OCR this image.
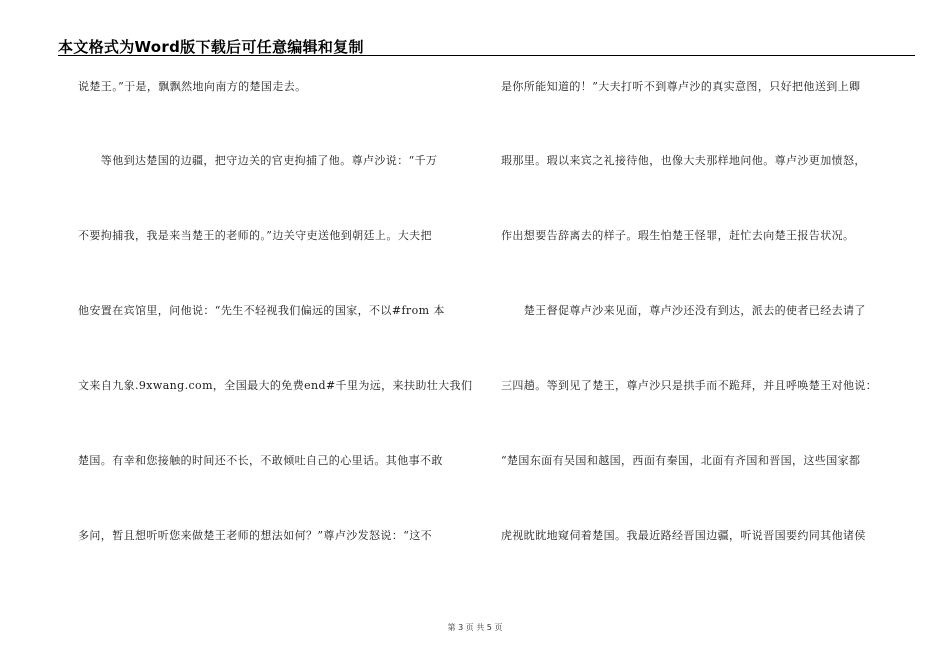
本文格式为Word版下载后可任意编辑和复制
说楚王。”于是，飘飘然地向南方的楚国走去。
　　等他到达楚国的边疆，把守边关的官吏拘捕了他。尊卢沙说：“千万
不要拘捕我，我是来当楚王的老师的。”边关守吏送他到朝廷上。大夫把
他安置在宾馆里，问他说：“先生不轻视我们偏远的国家，不以#from 本
文来自九象.9xwang.com，全国最大的免费end#千里为远，来扶助壮大我们
楚国。有幸和您接触的时间还不长，不敢倾吐自己的心里话。其他事不敢
多问，暂且想听听您来做楚王老师的想法如何？”尊卢沙发怒说：“这不
是你所能知道的！”大夫打听不到尊卢沙的真实意图，只好把他送到上卿
瑕那里。瑕以来宾之礼接待他，也像大夫那样地问他。尊卢沙更加愤怒，
作出想要告辞离去的样子。瑕生怕楚王怪罪，赶忙去向楚王报告状况。
　　楚王督促尊卢沙来见面，尊卢沙还没有到达，派去的使者已经去请了
三四趟。等到见了楚王，尊卢沙只是拱手而不跪拜，并且呼唤楚王对他说：
“楚国东面有吴国和越国，西面有秦国，北面有齐国和晋国，这些国家都
虎视眈眈地窥伺着楚国。我最近路经晋国边疆，听说晋国要约同其他诸侯
第 3 页 共 5 页
